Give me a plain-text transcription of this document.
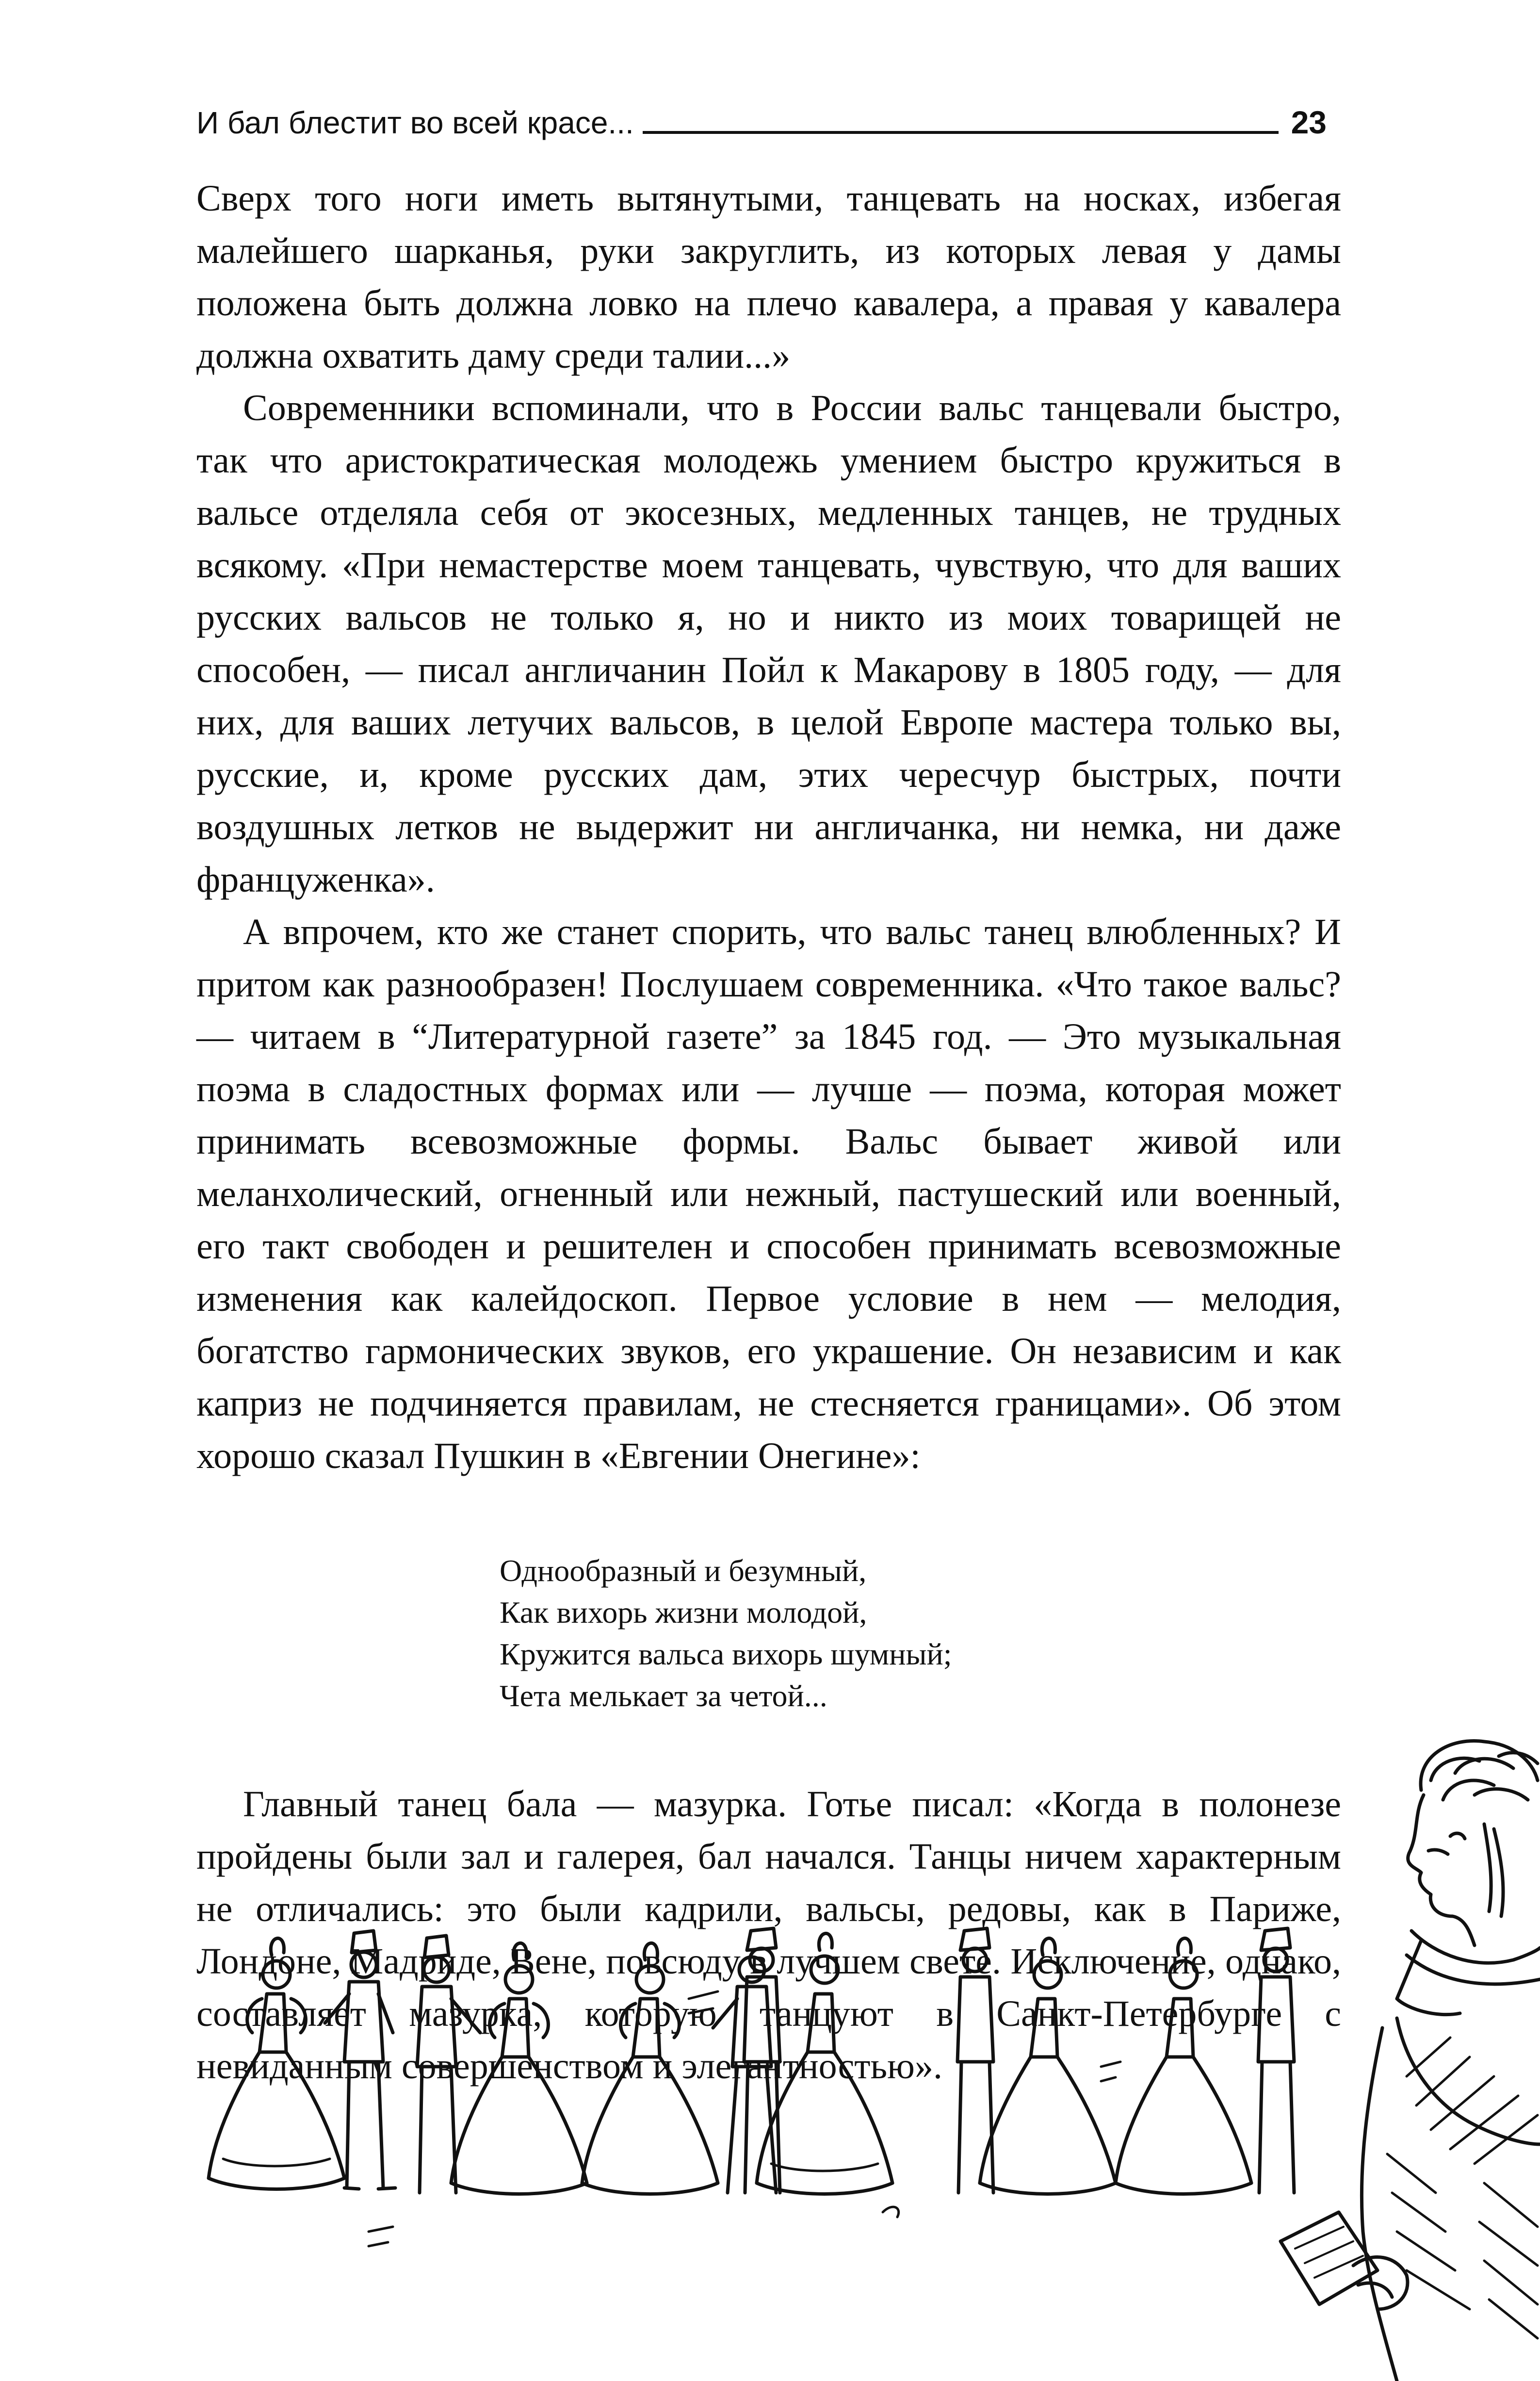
И бал блестит во всей красе...	23

Сверх того ноги иметь вытянутыми, танцевать на носках, избегая малейшего шарканья, руки закруглить, из которых левая у дамы положена быть должна ловко на плечо кавалера, а правая у кавалера должна охватить даму среди талии...»

Современники вспоминали, что в России вальс танцевали быстро, так что аристократическая молодежь умением быстро кружиться в вальсе отделяла себя от экосезных, медленных танцев, не трудных всякому. «При немастерстве моем танцевать, чувствую, что для ваших русских вальсов не только я, но и никто из моих товарищей не способен, — писал англичанин Пойл к Макарову в 1805 году, — для них, для ваших летучих вальсов, в целой Европе мастера только вы, русские, и, кроме русских дам, этих чересчур быстрых, почти воздушных летков не выдержит ни англичанка, ни немка, ни даже француженка».

А впрочем, кто же станет спорить, что вальс танец влюбленных? И притом как разнообразен! Послушаем современника. «Что такое вальс? — читаем в “Литературной газете” за 1845 год. — Это музыкальная поэма в сладостных формах или — лучше — поэма, которая может принимать всевозможные формы. Вальс бывает живой или меланхолический, огненный или нежный, пастушеский или военный, его такт свободен и решителен и способен принимать всевозможные изменения как калейдоскоп. Первое условие в нем — мелодия, богатство гармонических звуков, его украшение. Он независим и как каприз не подчиняется правилам, не стесняется границами». Об этом хорошо сказал Пушкин в «Евгении Онегине»:

Однообразный и безумный,
Как вихорь жизни молодой,
Кружится вальса вихорь шумный;
Чета мелькает за четой...

Главный танец бала — мазурка. Готье писал: «Когда в полонезе пройдены были зал и галерея, бал начался. Танцы ничем характерным не отличались: это были кадрили, вальсы, редовы, как в Париже, Лондоне, Мадриде, Вене, повсюду в лучшем свете. Исключение, однако, составляет мазурка, которую танцуют в Санкт-Петербурге с невиданным совершенством и элегантностью».
